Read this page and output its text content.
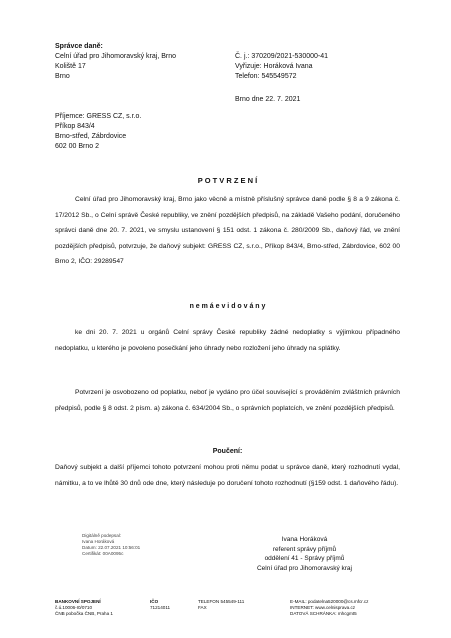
Správce daně:
Celní úřad pro Jihomoravský kraj, Brno
Koliště 17
Brno
Č. j.: 370209/2021-530000-41
Vyřizuje: Horáková Ivana
Telefon: 545549572
Brno dne 22. 7. 2021
Příjemce: GRESS CZ, s.r.o.
Příkop 843/4
Brno-střed, Zábrdovice
602 00 Brno 2
P O T V R Z E N Í

Celní úřad pro Jihomoravský kraj, Brno jako věcně a místně příslušný správce daně podle § 8 a 9 zákona č. 17/2012 Sb., o Celní správě České republiky, ve znění pozdějších předpisů, na základě Vašeho podání, doručeného správci daně dne 20. 7. 2021, ve smyslu ustanovení § 151 odst. 1 zákona č. 280/2009 Sb., daňový řád, ve znění pozdějších předpisů, potvrzuje, že daňový subjekt: GRESS CZ, s.r.o., Příkop 843/4, Brno-střed, Zábrdovice, 602 00 Brno 2, IČO: 29289547

n e m á e v i d o v á n y

ke dni 20. 7. 2021 u orgánů Celní správy České republiky žádné nedoplatky s výjimkou případného nedoplatku, u kterého je povoleno posečkání jeho úhrady nebo rozložení jeho úhrady na splátky.

Potvrzení je osvobozeno od poplatku, neboť je vydáno pro účel související s prováděním zvláštních právních předpisů, podle § 8 odst. 2 písm. a) zákona č. 634/2004 Sb., o správních poplatcích, ve znění pozdějších předpisů.

Poučení:

Daňový subjekt a další příjemci tohoto potvrzení mohou proti němu podat u správce daně, který rozhodnutí vydal, námitku, a to ve lhůtě 30 dnů ode dne, který následuje po doručení tohoto rozhodnutí (§159 odst. 1 daňového řádu).

Digitálně podepsal:
Ivana Horáková
Datum: 22.07.2021 10:56:01
Certifikát: 00A0095c
Ivana Horáková
referent správy příjmů
oddělení 41 - Správy příjmů
Celní úřad pro Jihomoravský kraj
BANKOVNÍ SPOJENÍ
č.ú.10006-I0/0710
ČNB pobočka ČNB, Praha 1
IČO
71214011
TELEFON 545549-111
FAX
E-MAIL: podatelna520000@cs.mfcr.cz
INTERNET: www.celnisprava.cz
DATOVÁ SCHRÁNKA: mhcgmt5
